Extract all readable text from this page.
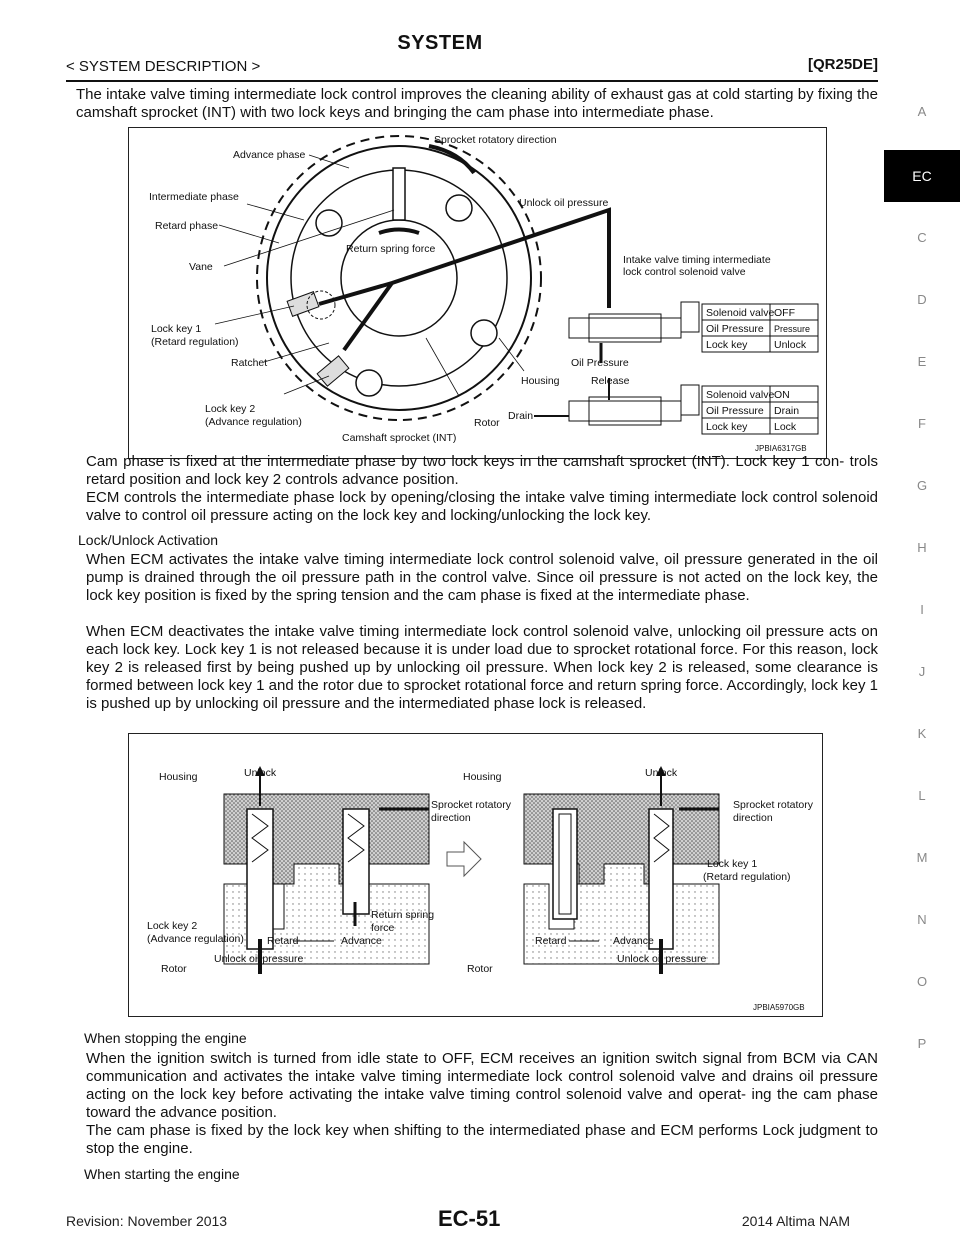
SYSTEM
< SYSTEM DESCRIPTION >	[QR25DE]
A
EC
C
D
E
F
G
H
I
J
K
L
M
N
O
P
The intake valve timing intermediate lock control improves the cleaning ability of exhaust gas at cold starting by fixing the camshaft sprocket (INT) with two lock keys and bringing the cam phase into intermediate phase.
Solenoid valve OFF
Oil Pressure Pressure
Lock key	Unlock
Solenoid valve ON
Oil Pressure Drain
Lock key	Lock
Sprocket rotatory direction
Advance phase
Intermediate phase
Retard phase
Unlock oil pressure
Return spring force
Vane
Intake valve timing intermediate
lock control solenoid valve
Lock key 1
(Retard regulation)
Ratchet	Oil Pressure
Housing	Release
Lock key 2
(Advance regulation)	Rotor
Drain
Camshaft sprocket (INT)
JPBIA6317GB
Cam phase is fixed at the intermediate phase by two lock keys in the camshaft sprocket (INT). Lock key 1 con- trols retard position and lock key 2 controls advance position.
ECM controls the intermediate phase lock by opening/closing the intake valve timing intermediate lock control solenoid valve to control oil pressure acting on the lock key and locking/unlocking the lock key.
Lock/Unlock Activation
When ECM activates the intake valve timing intermediate lock control solenoid valve, oil pressure generated in the oil pump is drained through the oil pressure path in the control valve. Since oil pressure is not acted on the lock key, the lock key position is fixed by the spring tension and the cam phase is fixed at the intermediate phase.
When ECM deactivates the intake valve timing intermediate lock control solenoid valve, unlocking oil pressure acts on each lock key. Lock key 1 is not released because it is under load due to sprocket rotational force. For this reason, lock key 2 is released first by being pushed up by unlocking oil pressure. When lock key 2 is released, some clearance is formed between lock key 1 and the rotor due to sprocket rotational force and return spring force. Accordingly, lock key 1 is pushed up by unlocking oil pressure and the intermediated phase lock is released.
Housing	Unlock
Sprocket rotatory
direction
Lock key 2
(Advance regulation)
Return spring
force
Retard	Advance
Rotor
Unlock oil pressure
Housing	Unlock
Sprocket rotatory
direction
Lock key 1
(Retard regulation)
Retard	Advance
Rotor
Unlock oil pressure
JPBIA5970GB
When stopping the engine
When the ignition switch is turned from idle state to OFF, ECM receives an ignition switch signal from BCM via CAN communication and activates the intake valve timing intermediate lock control solenoid valve and drains oil pressure acting on the lock key before activating the intake valve timing control solenoid valve and operat- ing the cam phase toward the advance position.
The cam phase is fixed by the lock key when shifting to the intermediated phase and ECM performs Lock judgment to stop the engine.
When starting the engine
Revision: November 2013	EC-51	2014 Altima NAM
